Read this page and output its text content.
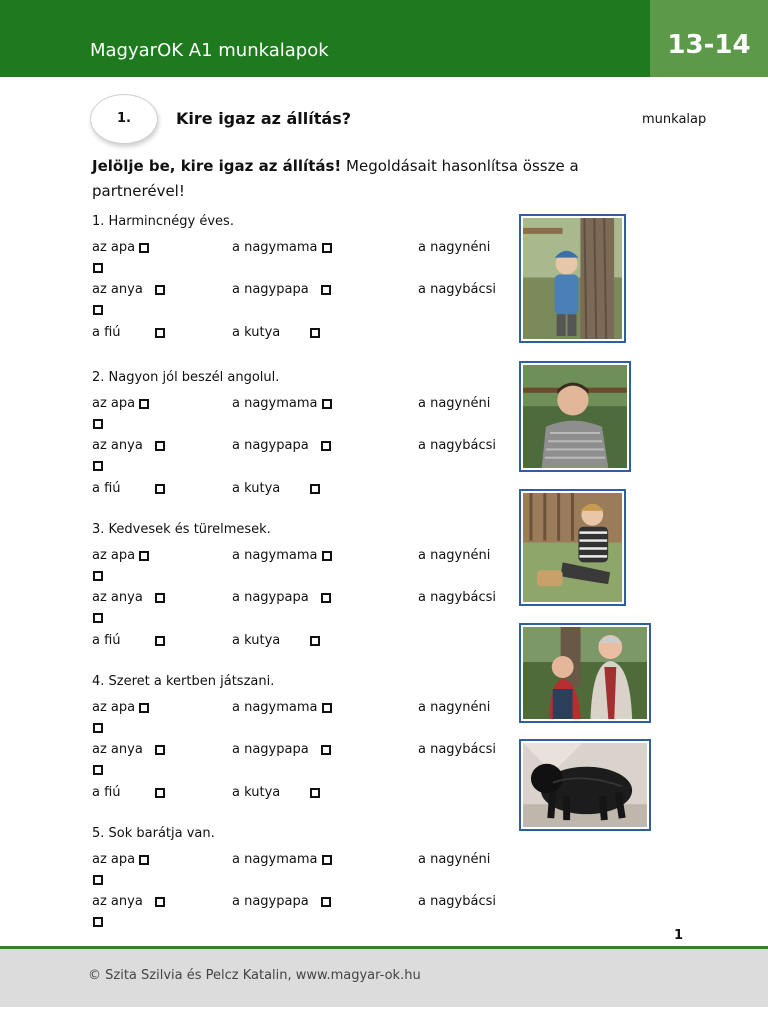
MagyarOK A1 munkalapok	13-14
1.	Kire igaz az állítás?	munkalap
Jelölje be, kire igaz az állítás! Megoldásait hasonlítsa össze a partnerével!
1. Harmincnégy éves.
az apa	a nagymama	a nagynéni
az anya	a nagypapa	a nagybácsi
a fiú	a kutya
2. Nagyon jól beszél angolul.
az apa	a nagymama	a nagynéni
az anya	a nagypapa	a nagybácsi
a fiú	a kutya
3. Kedvesek és türelmesek.
az apa	a nagymama	a nagynéni
az anya	a nagypapa	a nagybácsi
a fiú	a kutya
4. Szeret a kertben játszani.
az apa	a nagymama	a nagynéni
az anya	a nagypapa	a nagybácsi
a fiú	a kutya
5. Sok barátja van.
az apa	a nagymama	a nagynéni
az anya	a nagypapa	a nagybácsi
1
© Szita Szilvia és Pelcz Katalin, www.magyar-ok.hu
